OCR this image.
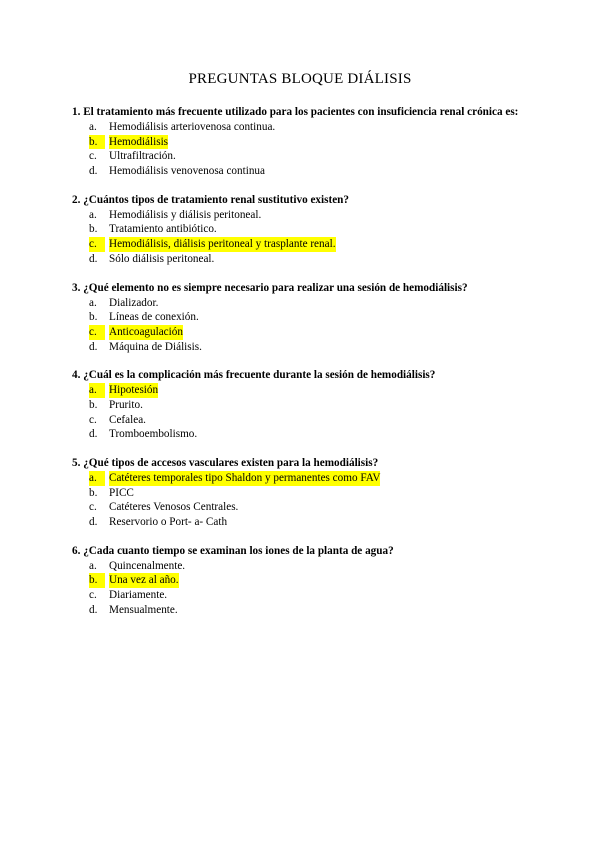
PREGUNTAS BLOQUE DIÁLISIS
1. El tratamiento más frecuente utilizado para los pacientes con insuficiencia renal crónica es:
a. Hemodiálisis arteriovenosa continua.
b.	Hemodiálisis
c. Ultrafiltración.
d. Hemodiálisis venovenosa continua
2. ¿Cuántos tipos de tratamiento renal sustitutivo existen?
a. Hemodiálisis y diálisis peritoneal.
b. Tratamiento antibiótico.
c.	Hemodiálisis, diálisis peritoneal y trasplante renal.
d. Sólo diálisis peritoneal.
3. ¿Qué elemento no es siempre necesario para realizar una sesión de hemodiálisis?
a. Dializador.
b. Líneas de conexión.
c.	Anticoagulación
d. Máquina de Diálisis.
4. ¿Cuál es la complicación más frecuente durante la sesión de hemodiálisis?
a.	Hipotesión
b. Prurito.
c. Cefalea.
d. Tromboembolismo.
5. ¿Qué tipos de accesos vasculares existen para la hemodiálisis?
a.	Catéteres temporales tipo Shaldon y permanentes como FAV
b. PICC
c. Catéteres Venosos Centrales.
d. Reservorio o Port- a- Cath
6. ¿Cada cuanto tiempo se examinan los iones de la planta de agua?
a. Quincenalmente.
b.	Una vez al año.
c. Diariamente.
d. Mensualmente.
